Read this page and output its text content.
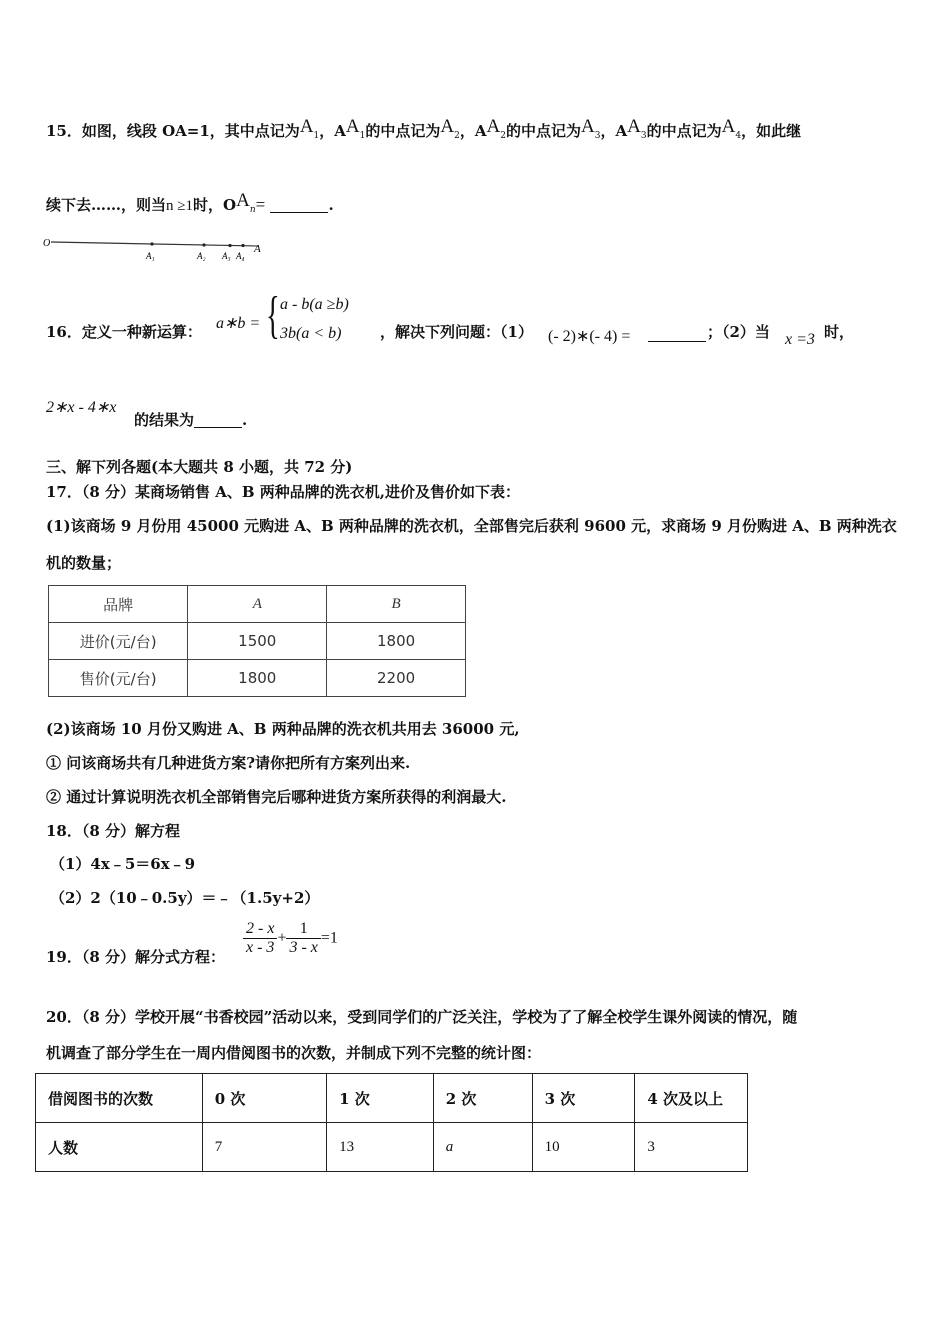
15．如图，线段 OA=1，其中点记为$A_1$，$AA_1$的中点记为$A_2$，$AA_2$的中点记为$A_3$，$AA_3$的中点记为$A_4$，如此继
续下去……，则当n ≥1时，$OA_n=$	.
O	A
A₁	A₂ A₃ A₄
16．定义一种新运算： a∗b = { a - b(a ≥b)
3b(a < b)	，解决下列问题：（1） (- 2)∗(- 4) =	；（2）当 x =3 时，
2∗x - 4∗x
的结果为	.
三、解下列各题(本大题共 8 小题，共 72 分)
17．（8 分）某商场销售 A、B 两种品牌的洗衣机,进价及售价如下表：
(1)该商场 9 月份用 45000 元购进 A、B 两种品牌的洗衣机，全部售完后获利 9600 元，求商场 9 月份购进 A、B 两种洗衣
机的数量；
品牌	A	B
进价(元/台)	1500	1800
售价(元/台)	1800	2200
(2)该商场 10 月份又购进 A、B 两种品牌的洗衣机共用去 36000 元,
① 问该商场共有几种进货方案?请你把所有方案列出来.
② 通过计算说明洗衣机全部销售完后哪种进货方案所获得的利润最大.
18．（8 分）解方程
（1）4x﹣5＝6x﹣9
（2）2（10﹣0.5y）＝﹣（1.5y+2）
19．（8 分）解分式方程： $\frac{2 - x}{x - 3} + \frac{1}{3 - x} =1$
20．（8 分）学校开展“书香校园”活动以来，受到同学们的广泛关注，学校为了了解全校学生课外阅读的情况，随
机调查了部分学生在一周内借阅图书的次数，并制成下列不完整的统计图：
借阅图书的次数	0 次	1 次	2 次	3 次	4 次及以上
人数	7	13	a	10	3
